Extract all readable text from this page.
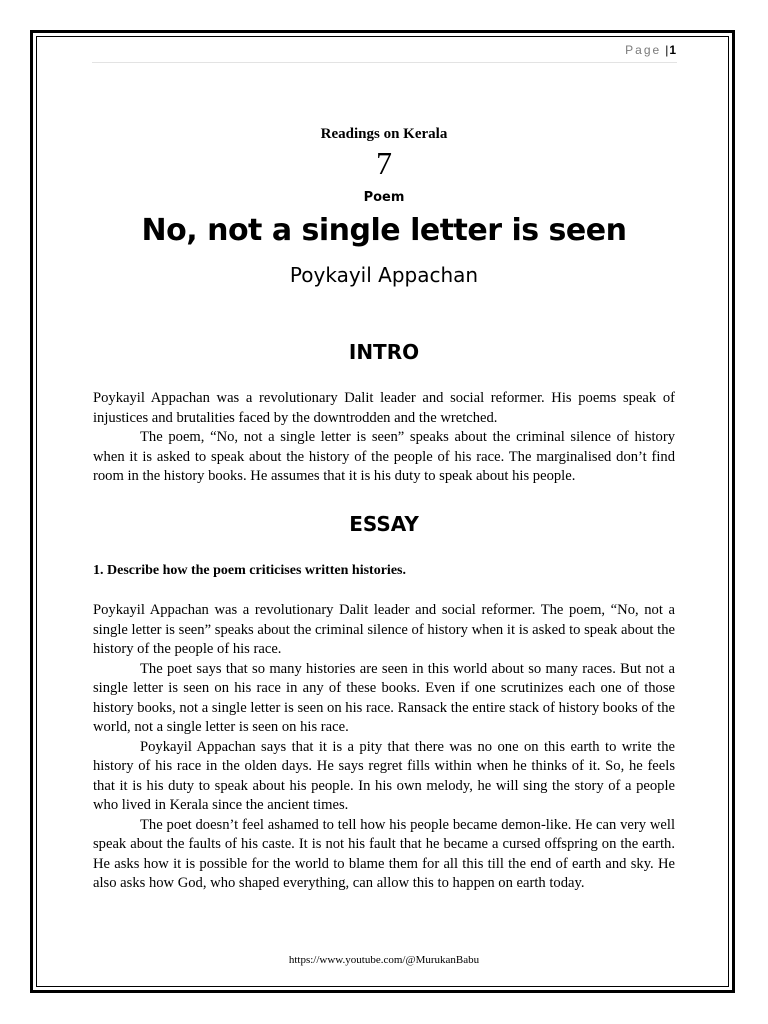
Page |1
Readings on Kerala
7
Poem
No, not a single letter is seen
Poykayil Appachan
INTRO

Poykayil Appachan was a revolutionary Dalit leader and social reformer. His poems speak of injustices and brutalities faced by the downtrodden and the wretched.

The poem, “No, not a single letter is seen” speaks about the criminal silence of history when it is asked to speak about the history of the people of his race. The marginalised don’t find room in the history books. He assumes that it is his duty to speak about his people.

ESSAY
1. Describe how the poem criticises written histories.

Poykayil Appachan was a revolutionary Dalit leader and social reformer. The poem, “No, not a single letter is seen” speaks about the criminal silence of history when it is asked to speak about the history of the people of his race.

The poet says that so many histories are seen in this world about so many races. But not a single letter is seen on his race in any of these books. Even if one scrutinizes each one of those history books, not a single letter is seen on his race. Ransack the entire stack of history books of the world, not a single letter is seen on his race.

Poykayil Appachan says that it is a pity that there was no one on this earth to write the history of his race in the olden days. He says regret fills within when he thinks of it. So, he feels that it is his duty to speak about his people. In his own melody, he will sing the story of a people who lived in Kerala since the ancient times.

The poet doesn’t feel ashamed to tell how his people became demon-like. He can very well speak about the faults of his caste. It is not his fault that he became a cursed offspring on the earth. He asks how it is possible for the world to blame them for all this till the end of earth and sky. He also asks how God, who shaped everything, can allow this to happen on earth today.

https://www.youtube.com/@MurukanBabu
